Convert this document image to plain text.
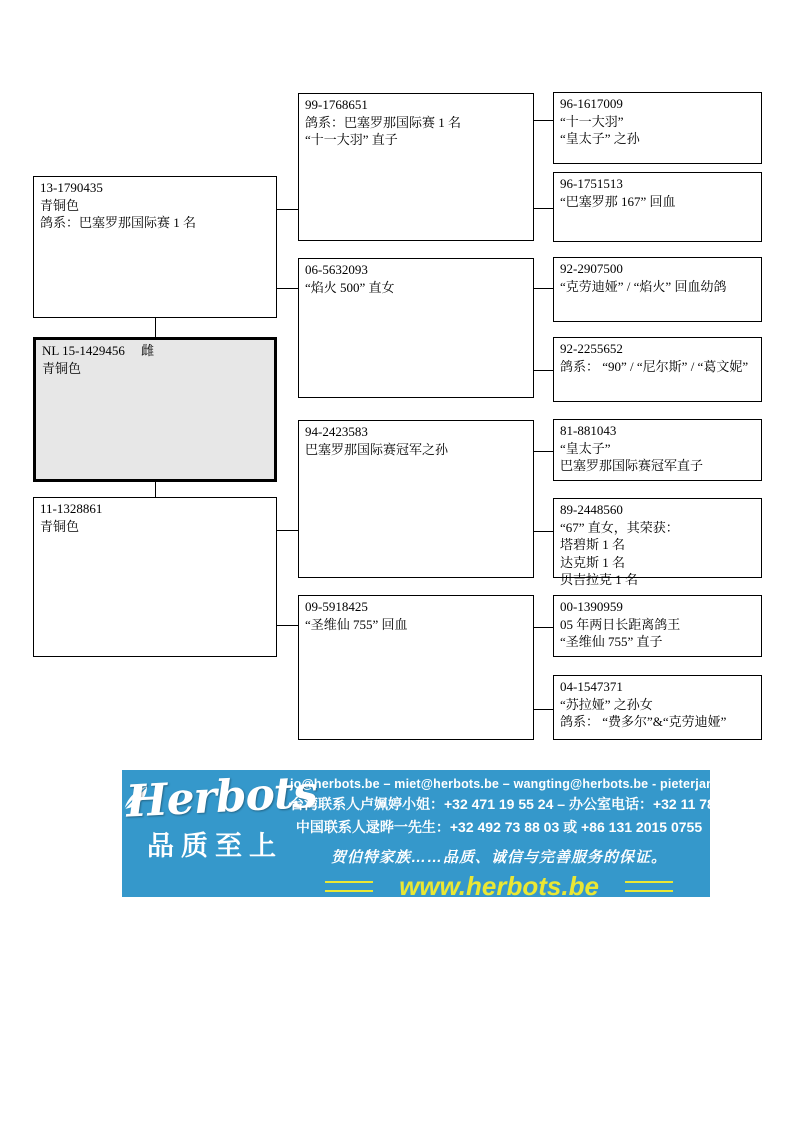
13-1790435
青铜色
鸽系：巴塞罗那国际赛 1 名
NL 15-1429456　 雌
青铜色
11-1328861
青铜色
99-1768651
鸽系：巴塞罗那国际赛 1 名
“十一大羽” 直子
06-5632093
“焰火 500” 直女
94-2423583
巴塞罗那国际赛冠军之孙
09-5918425
“圣维仙 755” 回血
96-1617009
“十一大羽”
“皇太子” 之孙
96-1751513
“巴塞罗那 167” 回血
92-2907500
“克劳迪娅” / “焰火” 回血幼鸽
92-2255652
鸽系： “90” / “尼尔斯” / “葛文妮”
81-881043
“皇太子”
巴塞罗那国际赛冠军直子
89-2448560
“67” 直女，其荣获：
塔碧斯 1 名
达克斯 1 名
贝吉拉克 1 名
00-1390959
05 年两日长距离鸽王
“圣维仙 755” 直子
04-1547371
“苏拉娅” 之孙女
鸽系： “费多尔”&“克劳迪娅”
Herbots
品质至上
jo@herbots.be – miet@herbots.be – wangting@herbots.be - pieterjan@herbots.be
台湾联系人卢姵婷小姐：+32 471 19 55 24 – 办公室电话：+32 11 78 91 90
中国联系人逯晔一先生：+32 492 73 88 03 或 +86 131 2015 0755
贺伯特家族……品质、诚信与完善服务的保证。
www.herbots.be
